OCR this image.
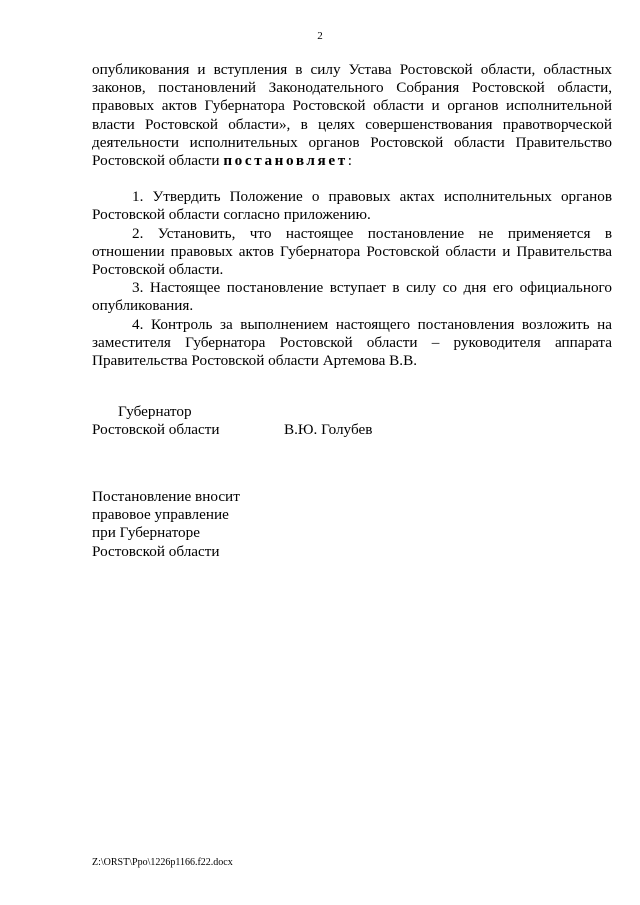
2

опубликования и вступления в силу Устава Ростовской области, областных законов, постановлений Законодательного Собрания Ростовской области, правовых актов Губернатора Ростовской области и органов исполнительной власти Ростовской области», в целях совершенствования правотворческой деятельности исполнительных органов Ростовской области Правительство Ростовской области постановляет:

1. Утвердить Положение о правовых актах исполнительных органов Ростовской области согласно приложению.

2. Установить, что настоящее постановление не применяется в отношении правовых актов Губернатора Ростовской области и Правительства Ростовской области.

3. Настоящее постановление вступает в силу со дня его официального опубликования.

4. Контроль за выполнением настоящего постановления возложить на заместителя Губернатора Ростовской области – руководителя аппарата Правительства Ростовской области Артемова В.В.

Губернатор
Ростовской области	В.Ю. Голубев
Постановление вносит
правовое управление
при Губернаторе
Ростовской области
Z:\ORST\Ppo\1226p1166.f22.docx
